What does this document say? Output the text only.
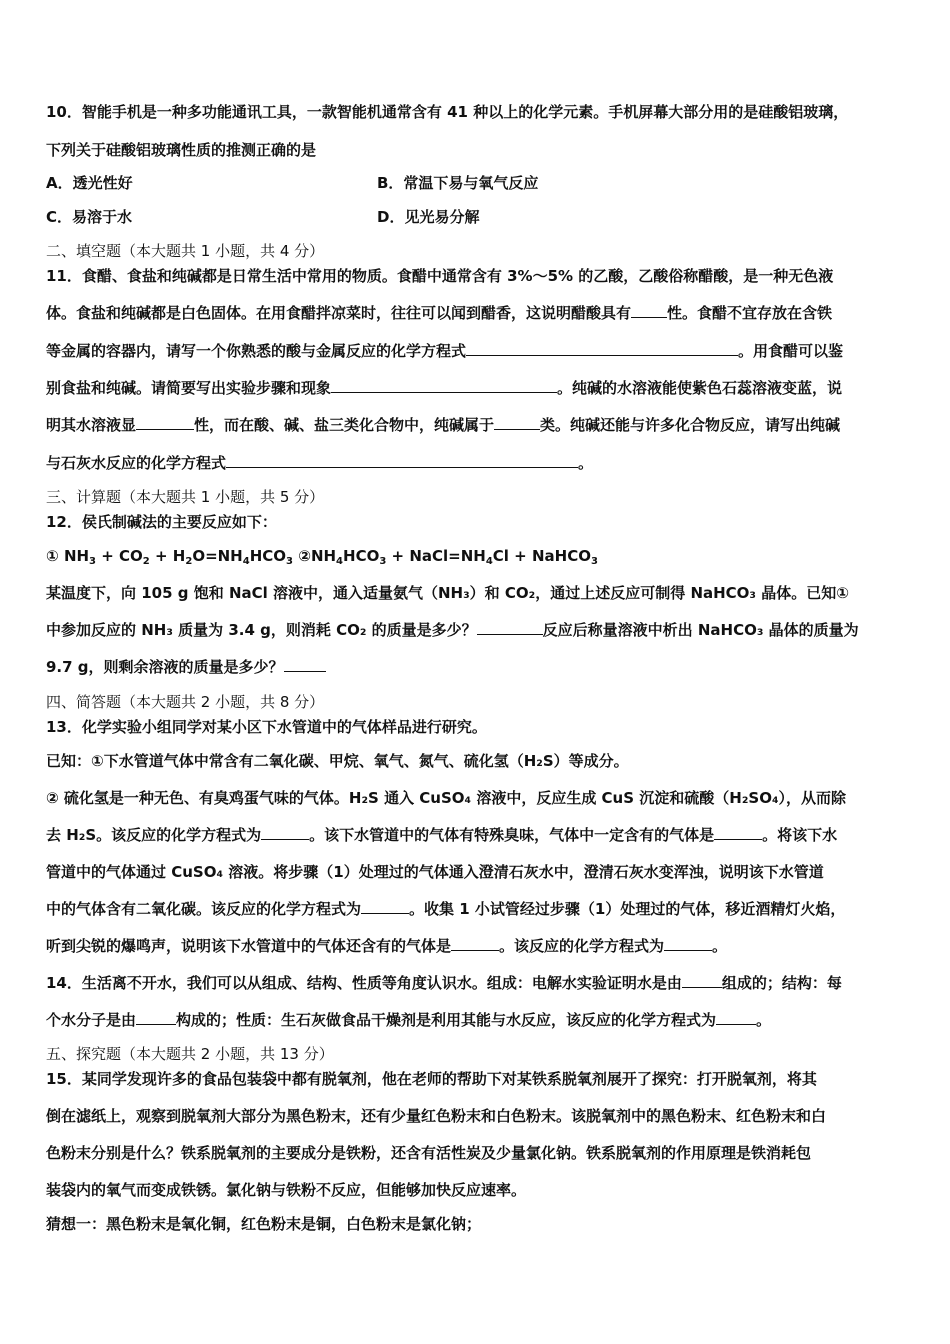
10．智能手机是一种多功能通讯工具，一款智能机通常含有 41 种以上的化学元素。手机屏幕大部分用的是硅酸铝玻璃，
下列关于硅酸铝玻璃性质的推测正确的是
A．透光性好	B．常温下易与氧气反应
C．易溶于水	D．见光易分解
二、填空题（本大题共 1 小题，共 4 分）
11．食醋、食盐和纯碱都是日常生活中常用的物质。食醋中通常含有 3%～5% 的乙酸，乙酸俗称醋酸，是一种无色液
体。食盐和纯碱都是白色固体。在用食醋拌凉菜时，往往可以闻到醋香，这说明醋酸具有 性。食醋不宜存放在含铁
等金属的容器内，请写一个你熟悉的酸与金属反应的化学方程式	。用食醋可以鉴
别食盐和纯碱。请简要写出实验步骤和现象	。纯碱的水溶液能使紫色石蕊溶液变蓝，说
明其水溶液显	性，而在酸、碱、盐三类化合物中，纯碱属于	类。纯碱还能与许多化合物反应，请写出纯碱
与石灰水反应的化学方程式	。
三、计算题（本大题共 1 小题，共 5 分）
12．侯氏制碱法的主要反应如下：
① $NH_3 + CO_2 + H_2O=NH_4HCO_3$ $②NH_4HCO_3$ + $NaCl=NH_4Cl$ + NaHCO$_3$
某温度下，向 105 g 饱和 NaCl 溶液中，通入适量氨气（NH₃）和 CO₂，通过上述反应可制得 NaHCO₃ 晶体。已知①
中参加反应的 NH₃ 质量为 3.4 g，则消耗 CO₂ 的质量是多少？	反应后称量溶液中析出 NaHCO₃ 晶体的质量为
9.7 g，则剩余溶液的质量是多少？
四、简答题（本大题共 2 小题，共 8 分）
13．化学实验小组同学对某小区下水管道中的气体样品进行研究。
已知：①下水管道气体中常含有二氧化碳、甲烷、氧气、氮气、硫化氢（H₂S）等成分。
② 硫化氢是一种无色、有臭鸡蛋气味的气体。H₂S 通入 CuSO₄ 溶液中，反应生成 CuS 沉淀和硫酸（H₂SO₄），从而除
去 H₂S。该反应的化学方程式为	。该下水管道中的气体有特殊臭味，气体中一定含有的气体是	。将该下水
管道中的气体通过 CuSO₄ 溶液。将步骤（1）处理过的气体通入澄清石灰水中，澄清石灰水变浑浊，说明该下水管道
中的气体含有二氧化碳。该反应的化学方程式为	。收集 1 小试管经过步骤（1）处理过的气体，移近酒精灯火焰，
听到尖锐的爆鸣声，说明该下水管道中的气体还含有的气体是	。该反应的化学方程式为	。
14．生活离不开水，我们可以从组成、结构、性质等角度认识水。组成：电解水实验证明水是由	组成的；结构：每
个水分子是由	构成的；性质：生石灰做食品干燥剂是利用其能与水反应，该反应的化学方程式为	。
五、探究题（本大题共 2 小题，共 13 分）
15．某同学发现许多的食品包装袋中都有脱氧剂，他在老师的帮助下对某铁系脱氧剂展开了探究：打开脱氧剂，将其
倒在滤纸上，观察到脱氧剂大部分为黑色粉末，还有少量红色粉末和白色粉末。该脱氧剂中的黑色粉末、红色粉末和白
色粉末分别是什么？铁系脱氧剂的主要成分是铁粉，还含有活性炭及少量氯化钠。铁系脱氧剂的作用原理是铁消耗包
装袋内的氧气而变成铁锈。氯化钠与铁粉不反应，但能够加快反应速率。
猜想一：黑色粉末是氧化铜，红色粉末是铜，白色粉末是氯化钠；
